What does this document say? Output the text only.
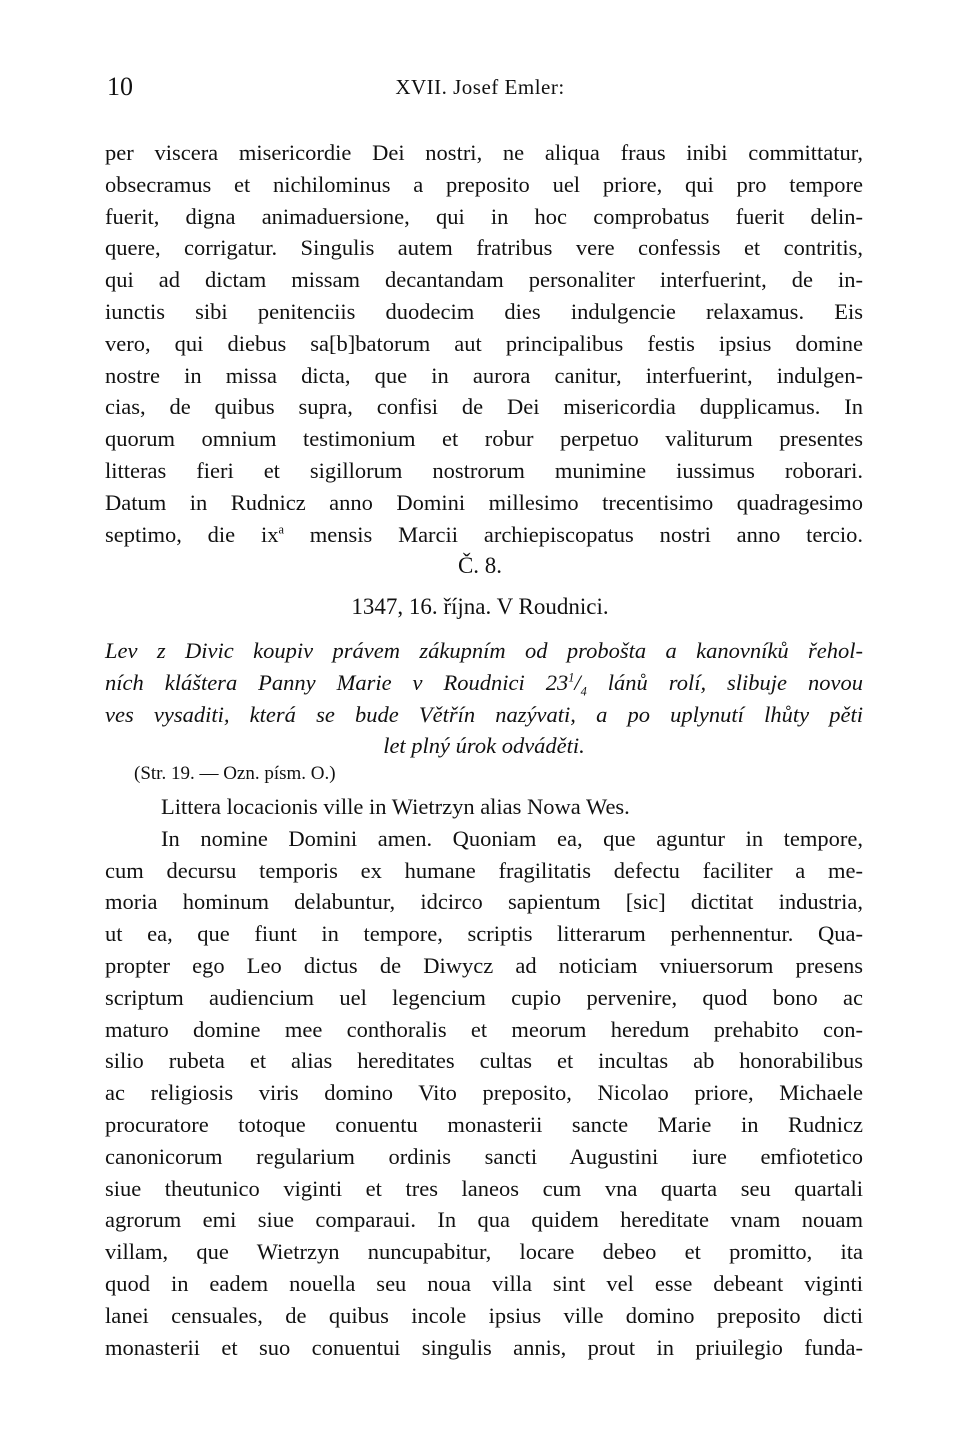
10	XVII. Josef Emler:
per viscera misericordie Dei nostri, ne aliqua fraus inibi committatur,
obsecramus et nichilominus a preposito uel priore, qui pro tempore
fuerit, digna animaduersione, qui in hoc comprobatus fuerit delin-
quere, corrigatur. Singulis autem fratribus vere confessis et contritis,
qui ad dictam missam decantandam personaliter interfuerint, de in-
iunctis sibi penitenciis duodecim dies indulgencie relaxamus. Eis
vero, qui diebus sa[b]batorum aut principalibus festis ipsius domine
nostre in missa dicta, que in aurora canitur, interfuerint, indulgen-
cias, de quibus supra, confisi de Dei misericordia dupplicamus. In
quorum omnium testimonium et robur perpetuo valiturum presentes
litteras fieri et sigillorum nostrorum munimine iussimus roborari.
Datum in Rudnicz anno Domini millesimo trecentisimo quadragesimo
septimo, die $ix^a$ mensis Marcii archiepiscopatus nostri anno tercio.
Č. 8.
1347, 16. října. V Roudnici.
Lev z Divic koupiv právem zákupním od probošta a kanovníků řehol-
ních kláštera Panny Marie v Roudnici $23^1/_4$ lánů rolí, slibuje novou
ves vysaditi, která se bude Větřín nazývati, a po uplynutí lhůty pěti
let plný úrok odváděti.
(Str. 19. — Ozn. písm. O.)
Littera locacionis ville in Wietrzyn alias Nowa Wes.
In nomine Domini amen. Quoniam ea, que aguntur in tempore,
cum decursu temporis ex humane fragilitatis defectu faciliter a me-
moria hominum delabuntur, idcirco sapientum [sic] dictitat industria,
ut ea, que fiunt in tempore, scriptis litterarum perhennentur. Qua-
propter ego Leo dictus de Diwycz ad noticiam vniuersorum presens
scriptum audiencium uel legencium cupio pervenire, quod bono ac
maturo domine mee conthoralis et meorum heredum prehabito con-
silio rubeta et alias hereditates cultas et incultas ab honorabilibus
ac religiosis viris domino Vito preposito, Nicolao priore, Michaele
procuratore totoque conuentu monasterii sancte Marie in Rudnicz
canonicorum regularium ordinis sancti Augustini iure emfiotetico
siue theutunico viginti et tres laneos cum vna quarta seu quartali
agrorum emi siue comparaui. In qua quidem hereditate vnam nouam
villam, que Wietrzyn nuncupabitur, locare debeo et promitto, ita
quod in eadem nouella seu noua villa sint vel esse debeant viginti
lanei censuales, de quibus incole ipsius ville domino preposito dicti
monasterii et suo conuentui singulis annis, prout in priuilegio funda-
